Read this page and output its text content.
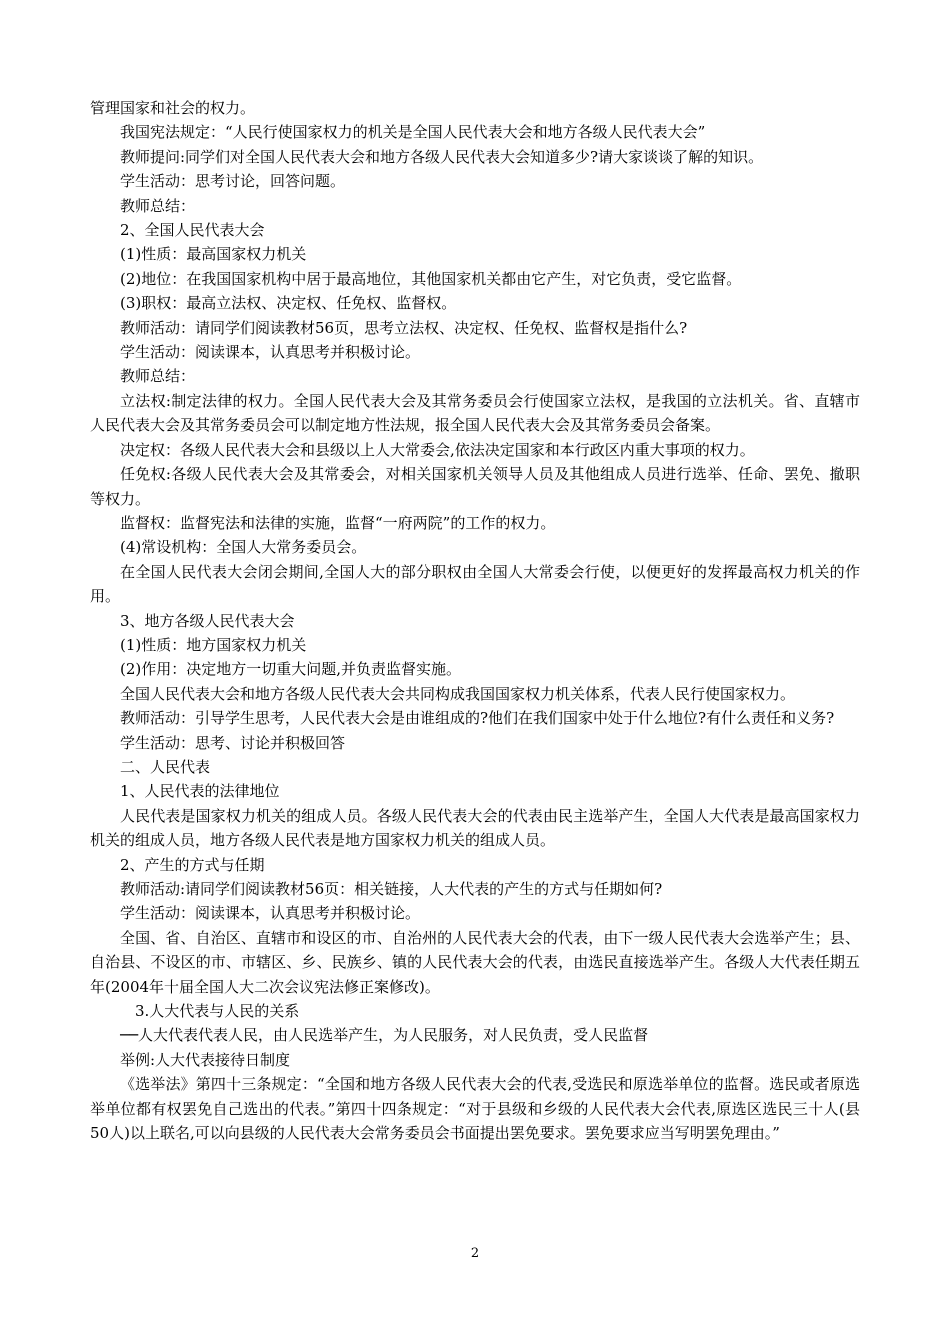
管理国家和社会的权力。

我国宪法规定：“人民行使国家权力的机关是全国人民代表大会和地方各级人民代表大会”

教师提问:同学们对全国人民代表大会和地方各级人民代表大会知道多少?请大家谈谈了解的知识。

学生活动：思考讨论，回答问题。

教师总结：

2、全国人民代表大会

(1)性质：最高国家权力机关

(2)地位：在我国国家机构中居于最高地位，其他国家机关都由它产生，对它负责，受它监督。

(3)职权：最高立法权、决定权、任免权、监督权。

教师活动：请同学们阅读教材56页，思考立法权、决定权、任免权、监督权是指什么?

学生活动：阅读课本，认真思考并积极讨论。

教师总结：

立法权:制定法律的权力。全国人民代表大会及其常务委员会行使国家立法权，是我国的立法机关。省、直辖市人民代表大会及其常务委员会可以制定地方性法规，报全国人民代表大会及其常务委员会备案。

决定权：各级人民代表大会和县级以上人大常委会,依法决定国家和本行政区内重大事项的权力。

任免权:各级人民代表大会及其常委会，对相关国家机关领导人员及其他组成人员进行选举、任命、罢免、撤职等权力。

监督权：监督宪法和法律的实施，监督“一府两院”的工作的权力。

(4)常设机构：全国人大常务委员会。

在全国人民代表大会闭会期间,全国人大的部分职权由全国人大常委会行使，以便更好的发挥最高权力机关的作用。

3、地方各级人民代表大会

(1)性质：地方国家权力机关

(2)作用：决定地方一切重大问题,并负责监督实施。

全国人民代表大会和地方各级人民代表大会共同构成我国国家权力机关体系，代表人民行使国家权力。

教师活动：引导学生思考，人民代表大会是由谁组成的?他们在我们国家中处于什么地位?有什么责任和义务?

学生活动：思考、讨论并积极回答

二、人民代表

1、人民代表的法律地位

人民代表是国家权力机关的组成人员。各级人民代表大会的代表由民主选举产生，全国人大代表是最高国家权力机关的组成人员，地方各级人民代表是地方国家权力机关的组成人员。

2、产生的方式与任期

教师活动:请同学们阅读教材56页：相关链接，人大代表的产生的方式与任期如何?

学生活动：阅读课本，认真思考并积极讨论。

全国、省、自治区、直辖市和设区的市、自治州的人民代表大会的代表，由下一级人民代表大会选举产生；县、自治县、不设区的市、市辖区、乡、民族乡、镇的人民代表大会的代表，由选民直接选举产生。各级人大代表任期五年(2004年十届全国人大二次会议宪法修正案修改)。

3.人大代表与人民的关系

──人大代表代表人民，由人民选举产生，为人民服务，对人民负责，受人民监督

举例:人大代表接待日制度

《选举法》第四十三条规定：“全国和地方各级人民代表大会的代表,受选民和原选举单位的监督。选民或者原选举单位都有权罢免自己选出的代表。”第四十四条规定：“对于县级和乡级的人民代表大会代表,原选区选民三十人(县50人)以上联名,可以向县级的人民代表大会常务委员会书面提出罢免要求。罢免要求应当写明罢免理由。”

2
